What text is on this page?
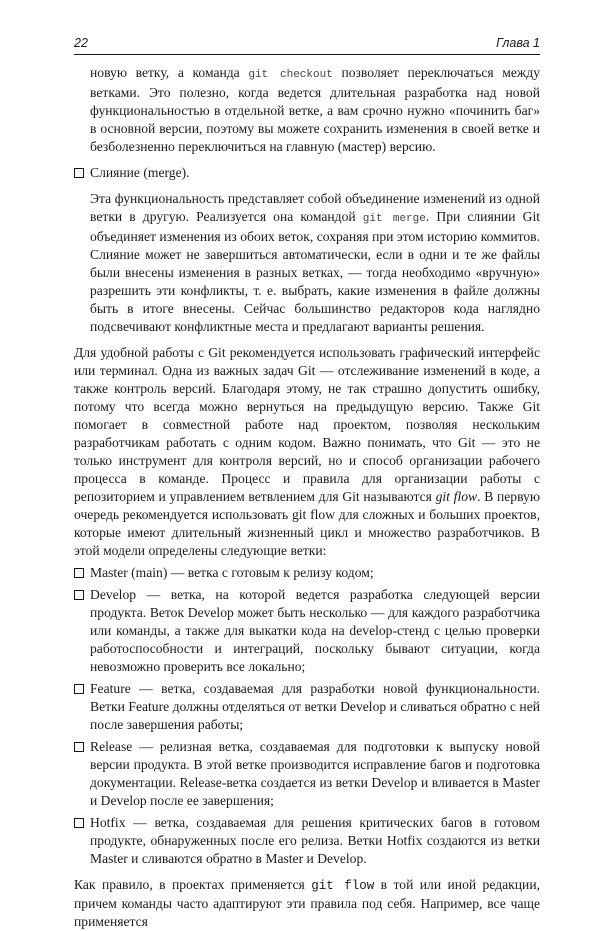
22	Глава 1

новую ветку, а команда git checkout позволяет переключаться между ветками. Это полезно, когда ведется длительная разработка над новой функциональностью в отдельной ветке, а вам срочно нужно «починить баг» в основной версии, поэтому вы можете сохранить изменения в своей ветке и безболезненно переключиться на главную (мастер) версию.

Слияние (merge).

Эта функциональность представляет собой объединение изменений из одной ветки в другую. Реализуется она командой git merge. При слиянии Git объединяет изменения из обоих веток, сохраняя при этом историю коммитов. Слияние может не завершиться автоматически, если в одни и те же файлы были внесены изменения в разных ветках, — тогда необходимо «вручную» разрешить эти конфликты, т. е. выбрать, какие изменения в файле должны быть в итоге внесены. Сейчас большинство редакторов кода наглядно подсвечивают конфликтные места и предлагают варианты решения.

Для удобной работы с Git рекомендуется использовать графический интерфейс или терминал. Одна из важных задач Git — отслеживание изменений в коде, а также контроль версий. Благодаря этому, не так страшно допустить ошибку, потому что всегда можно вернуться на предыдущую версию. Также Git помогает в совместной работе над проектом, позволяя нескольким разработчикам работать с одним кодом. Важно понимать, что Git — это не только инструмент для контроля версий, но и способ организации рабочего процесса в команде. Процесс и правила для организации работы с репозиторием и управлением ветвлением для Git называются git flow. В первую очередь рекомендуется использовать git flow для сложных и больших проектов, которые имеют длительный жизненный цикл и множество разработчиков. В этой модели определены следующие ветки:

Master (main) — ветка с готовым к релизу кодом;
Develop — ветка, на которой ведется разработка следующей версии продукта. Веток Develop может быть несколько — для каждого разработчика или команды, а также для выкатки кода на develop-стенд с целью проверки работоспособности и интеграций, поскольку бывают ситуации, когда невозможно проверить все локально;
Feature — ветка, создаваемая для разработки новой функциональности. Ветки Feature должны отделяться от ветки Develop и сливаться обратно с ней после завершения работы;
Release — релизная ветка, создаваемая для подготовки к выпуску новой версии продукта. В этой ветке производится исправление багов и подготовка документации. Release-ветка создается из ветки Develop и вливается в Master и Develop после ее завершения;
Hotfix — ветка, создаваемая для решения критических багов в готовом продукте, обнаруженных после его релиза. Ветки Hotfix создаются из ветки Master и сливаются обратно в Master и Develop.

Как правило, в проектах применяется git flow в той или иной редакции, причем команды часто адаптируют эти правила под себя. Например, все чаще применяется
